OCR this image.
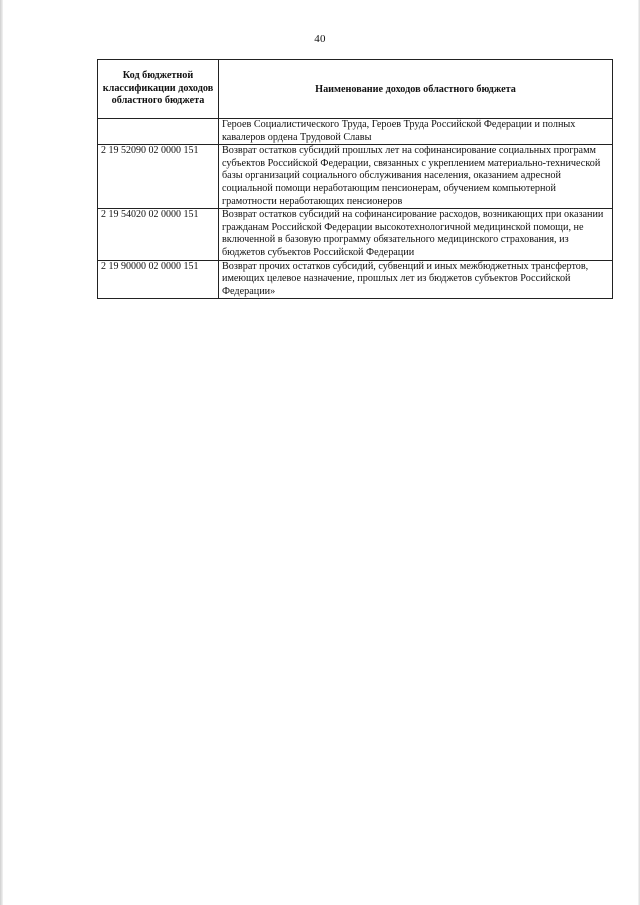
40
Код бюджетной классификации доходов областного бюджета	Наименование доходов областного бюджета
	Героев Социалистического Труда, Героев Труда Российской Федерации и полных кавалеров ордена Трудовой Славы
2 19 52090 02 0000 151	Возврат остатков субсидий прошлых лет на софинансирование социальных программ субъектов Российской Федерации, связанных с укреплением материально-технической базы организаций социального обслуживания населения, оказанием адресной социальной помощи неработающим пенсионерам, обучением компьютерной грамотности неработающих пенсионеров
2 19 54020 02 0000 151	Возврат остатков субсидий на софинансирование расходов, возникающих при оказании гражданам Российской Федерации высокотехнологичной медицинской помощи, не включенной в базовую программу обязательного медицинского страхования, из бюджетов субъектов Российской Федерации
2 19 90000 02 0000 151	Возврат прочих остатков субсидий, субвенций и иных межбюджетных трансфертов, имеющих целевое назначение, прошлых лет из бюджетов субъектов Российской Федерации»
